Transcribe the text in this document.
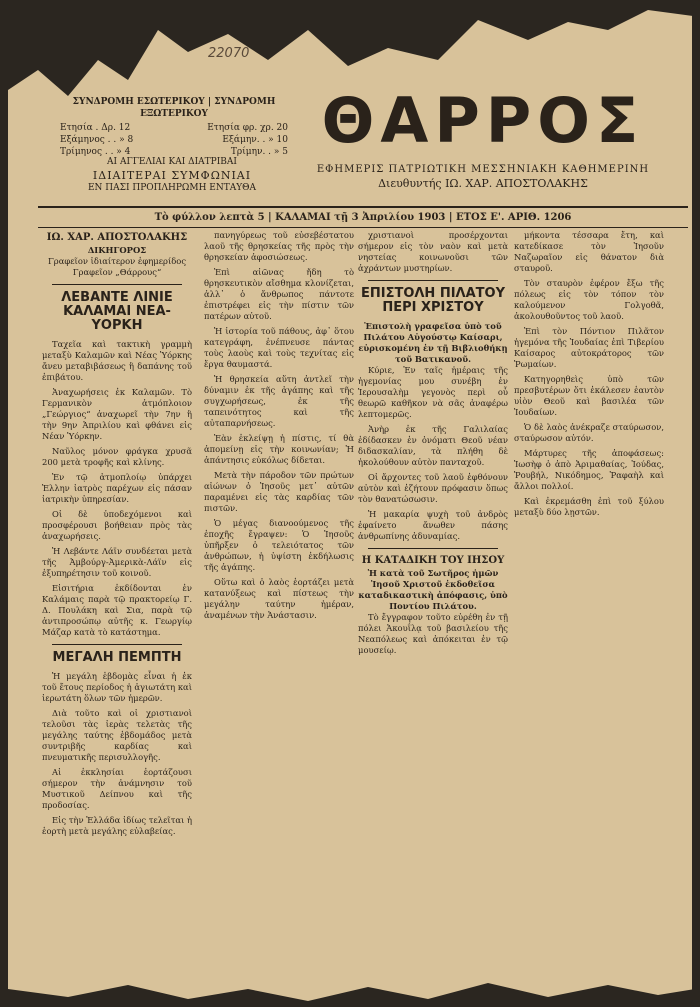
22070
ΣΥΝΔΡΟΜΗ ΕΣΩΤΕΡΙΚΟΥ | ΣΥΝΔΡΟΜΗ ΕΞΩΤΕΡΙΚΟΥ
Ετησία . Δρ. 12	Ετησία φρ. χρ. 20
Εξάμηνος . . » 8	Εξάμην. . » 10
Τρίμηνος . . » 4	Τρίμην. . » 5
ΑΙ ΑΓΓΕΛΙΑΙ ΚΑΙ ΔΙΑΤΡΙΒΑΙ
ΙΔΙΑΙΤΕΡΑΙ ΣΥΜΦΩΝΙΑΙ
ΕΝ ΠΑΣΙ ΠΡΟΠΛΗΡΩΜΗ ΕΝΤΑΥΘΑ
ΘΑΡΡΟΣ
ΕΦΗΜΕΡΙΣ ΠΑΤΡΙΩΤΙΚΗ ΜΕΣΣΗΝΙΑΚΗ ΚΑΘΗΜΕΡΙΝΗ
Διευθυντής ΙΩ. ΧΑΡ. ΑΠΟΣΤΟΛΑΚΗΣ
Τὸ φύλλον λεπτὰ 5 | ΚΑΛΑΜΑΙ τῇ 3 Ἀπριλίου 1903 | ΕΤΟΣ Ε'. ΑΡΙΘ. 1206
ΙΩ. ΧΑΡ. ΑΠΟΣΤΟΛΑΚΗΣ
ΔΙΚΗΓΟΡΟΣ
Γραφεῖον ἰδιαίτερον ἐφημερίδος Γραφεῖον „Θάρρους“
ΛΕΒΑΝΤΕ ΛΙΝΙΕ ΚΑΛΑΜΑΙ ΝΕΑ-ΥΟΡΚΗ

Ταχεῖα καὶ τακτικὴ γραμμὴ μεταξὺ Καλαμῶν καὶ Νέας Ὑόρκης ἄνευ μεταβιβάσεως ἢ δαπάνης τοῦ ἐπιβάτου.

Ἀναχωρήσεις ἐκ Καλαμῶν. Τὸ Γερμανικὸν ἀτμόπλοιον „Γεώργιος“ ἀναχωρεῖ τὴν 7ην ἢ τὴν 9ην Ἀπριλίου καὶ φθάνει εἰς Νέαν Ὑόρκην.

Ναῦλος μόνον φράγκα χρυσᾶ 200 μετὰ τροφῆς καὶ κλίνης.

Ἐν τῷ ἀτμοπλοίῳ ὑπάρχει Ἑλλην ἰατρὸς παρέχων εἰς πάσαν ἰατρικὴν ὑπηρεσίαν.

Οἱ δὲ ὑποδεχόμενοι καὶ προσφέρουσι βοήθειαν πρὸς τὰς ἀναχωρήσεις.

Ἡ Λεβάντε Λάϊν συνδέεται μετὰ τῆς Ἀμβούργ-Ἀμερικὰ-Λάϊν εἰς ἐξυπηρέτησιν τοῦ κοινοῦ.

Εἰσιτήρια ἐκδίδονται ἐν Καλάμαις παρὰ τῷ πρακτορείῳ Γ. Δ. Πουλάκη καὶ Σια, παρὰ τῷ ἀντιπροσώπῳ αὐτῆς κ. Γεωργίῳ Μάζαρ κατὰ τὸ κατάστημα.

ΜΕΓΑΛΗ ΠΕΜΠΤΗ

Ἡ μεγάλη ἑβδομὰς εἶναι ἡ ἐκ τοῦ ἔτους περίοδος ἡ ἁγιωτάτη καὶ ἱερωτάτη ὅλων τῶν ἡμερῶν.

Διὰ τοῦτο καὶ οἱ χριστιανοὶ τελοῦσι τὰς ἱερὰς τελετὰς τῆς μεγάλης ταύτης ἑβδομάδος μετὰ συντριβῆς καρδίας καὶ πνευματικῆς περισυλλογῆς.

Αἱ ἐκκλησίαι ἑορτάζουσι σήμερον τὴν ἀνάμνησιν τοῦ Μυστικοῦ Δείπνου καὶ τῆς προδοσίας.

Εἰς τὴν Ἑλλάδα ἰδίως τελεῖται ἡ ἑορτὴ μετὰ μεγάλης εὐλαβείας.

πανηγύρεως τοῦ εὐσεβέστατου λαοῦ τῆς θρησκείας τῆς πρὸς τὴν θρησκείαν ἀφοσιώσεως.

Ἐπὶ αἰῶνας ἤδη τὸ θρησκευτικὸν αἴσθημα κλονίζεται, ἀλλ᾽ ὁ ἄνθρωπος πάντοτε ἐπιστρέφει εἰς τὴν πίστιν τῶν πατέρων αὐτοῦ.

Ἡ ἱστορία τοῦ πάθους, ἀφ᾽ ὅτου κατεγράφη, ἐνέπνευσε πάντας τοὺς λαοὺς καὶ τοὺς τεχνίτας εἰς ἔργα θαυμαστά.

Ἡ θρησκεία αὕτη ἀντλεῖ τὴν δύναμιν ἐκ τῆς ἀγάπης καὶ τῆς συγχωρήσεως, ἐκ τῆς ταπεινότητος καὶ τῆς αὐταπαρνήσεως.

Ἐὰν ἐκλείψῃ ἡ πίστις, τί θὰ ἀπομείνῃ εἰς τὴν κοινωνίαν; Ἡ ἀπάντησις εὐκόλως δίδεται.

Μετὰ τὴν πάροδον τῶν πρώτων αἰώνων ὁ Ἰησοῦς μετ᾽ αὐτῶν παραμένει εἰς τὰς καρδίας τῶν πιστῶν.

Ὁ μέγας διανοούμενος τῆς ἐποχῆς ἔγραψεν: Ὁ Ἰησοῦς ὑπῆρξεν ὁ τελειότατος τῶν ἀνθρώπων, ἡ ὑψίστη ἐκδήλωσις τῆς ἀγάπης.

Οὕτω καὶ ὁ λαὸς ἑορτάζει μετὰ κατανύξεως καὶ πίστεως τὴν μεγάλην ταύτην ἡμέραν, ἀναμένων τὴν Ἀνάστασιν.

χριστιανοὶ προσέρχονται σήμερον εἰς τὸν ναὸν καὶ μετὰ νηστείας κοινωνοῦσι τῶν ἀχράντων μυστηρίων.

ΕΠΙΣΤΟΛΗ ΠΙΛΑΤΟΥ ΠΕΡΙ ΧΡΙΣΤΟΥ
Ἐπιστολὴ γραφεῖσα ὑπὸ τοῦ Πιλάτου Αὐγούστῳ Καίσαρι, εὑρισκομένη ἐν τῇ Βιβλιοθήκῃ τοῦ Βατικανοῦ.

Κύριε, Ἐν ταῖς ἡμέραις τῆς ἡγεμονίας μου συνέβη ἐν Ἱερουσαλὴμ γεγονὸς περὶ οὗ θεωρῶ καθῆκον νὰ σᾶς ἀναφέρω λεπτομερῶς.

Ἀνὴρ ἐκ τῆς Γαλιλαίας ἐδίδασκεν ἐν ὀνόματι Θεοῦ νέαν διδασκαλίαν, τὰ πλήθη δὲ ἠκολούθουν αὐτὸν πανταχοῦ.

Οἱ ἄρχοντες τοῦ λαοῦ ἐφθόνουν αὐτὸν καὶ ἐζήτουν πρόφασιν ὅπως τὸν θανατώσωσιν.

Ἡ μακαρία ψυχὴ τοῦ ἀνδρὸς ἐφαίνετο ἄνωθεν πάσης ἀνθρωπίνης ἀδυναμίας.

Η ΚΑΤΑΔΙΚΗ ΤΟΥ ΙΗΣΟΥ
Ἡ κατὰ τοῦ Σωτῆρος ἡμῶν Ἰησοῦ Χριστοῦ ἐκδοθεῖσα καταδικαστικὴ ἀπόφασις, ὑπὸ Ποντίου Πιλάτου.

Τὸ ἔγγραφον τοῦτο εὑρέθη ἐν τῇ πόλει Ἀκουΐλᾳ τοῦ βασιλείου τῆς Νεαπόλεως καὶ ἀπόκειται ἐν τῷ μουσείῳ.

μήκοντα τέσσαρα ἔτη, καὶ κατεδίκασε τὸν Ἰησοῦν Ναζωραῖον εἰς θάνατον διὰ σταυροῦ.

Τὸν σταυρὸν ἐφέρον ἔξω τῆς πόλεως εἰς τὸν τόπον τὸν καλούμενον Γολγοθᾶ, ἀκολουθοῦντος τοῦ λαοῦ.

Ἐπὶ τὸν Πόντιον Πιλᾶτον ἡγεμόνα τῆς Ἰουδαίας ἐπὶ Τιβερίου Καίσαρος αὐτοκράτορος τῶν Ῥωμαίων.

Κατηγορηθεὶς ὑπὸ τῶν πρεσβυτέρων ὅτι ἐκάλεσεν ἑαυτὸν υἱὸν Θεοῦ καὶ βασιλέα τῶν Ἰουδαίων.

Ὁ δὲ λαὸς ἀνέκραζε σταύρωσον, σταύρωσον αὐτόν.

Μάρτυρες τῆς ἀποφάσεως: Ἰωσὴφ ὁ ἀπὸ Ἀριμαθαίας, Ἰούδας, Ῥουβήλ, Νικόδημος, Ῥαφαὴλ καὶ ἄλλοι πολλοί.

Καὶ ἐκρεμάσθη ἐπὶ τοῦ ξύλου μεταξὺ δύο λῃστῶν.
